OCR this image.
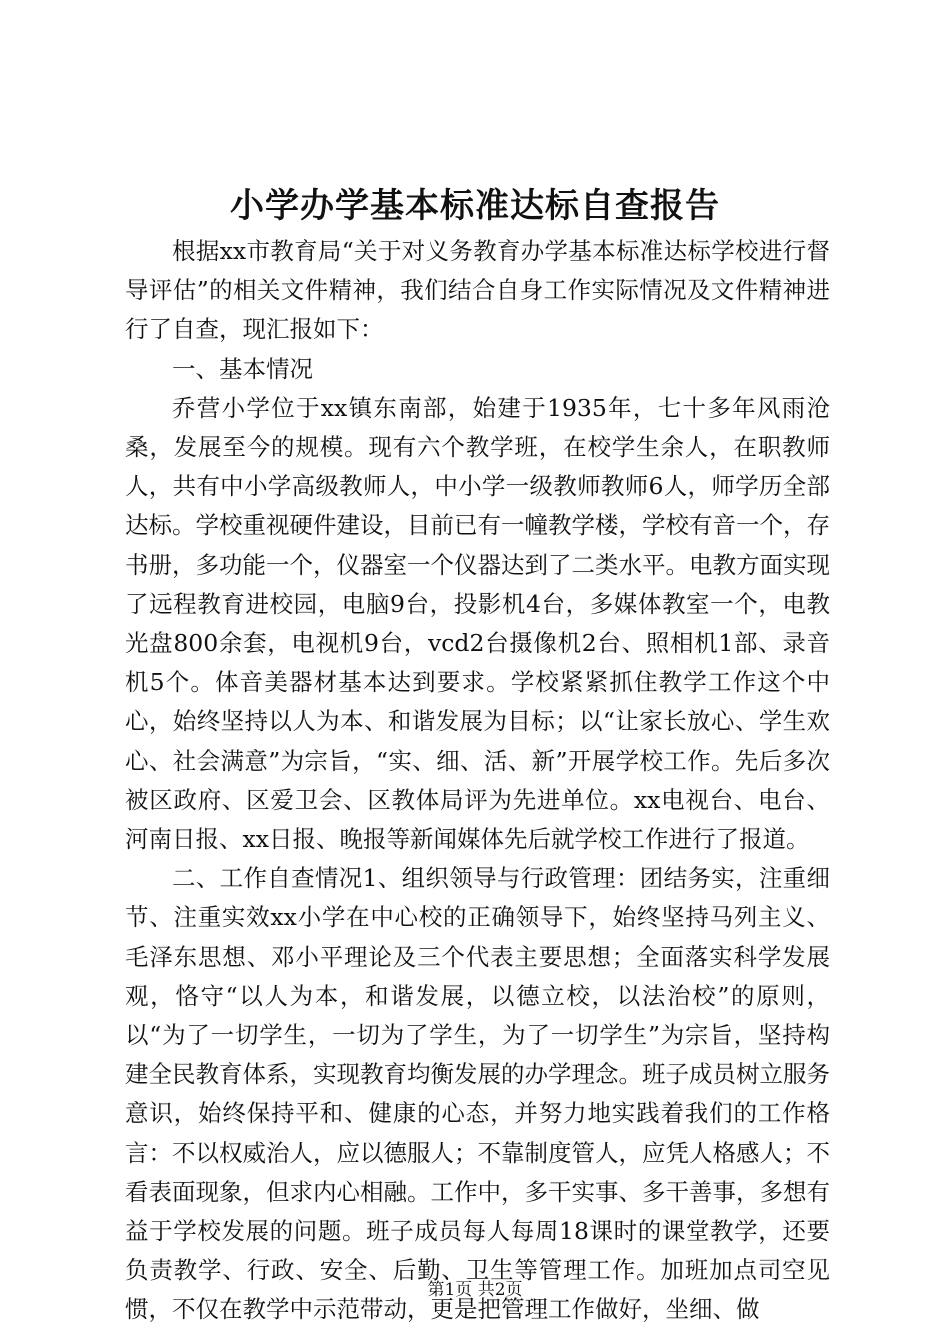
小学办学基本标准达标自查报告

根据xx市教育局“关于对义务教育办学基本标准达标学校进行督导评估”的相关文件精神，我们结合自身工作实际情况及文件精神进行了自查，现汇报如下：

一、基本情况

乔营小学位于xx镇东南部，始建于1935年，七十多年风雨沧桑，发展至今的规模。现有六个教学班，在校学生余人，在职教师人，共有中小学高级教师人，中小学一级教师教师6人，师学历全部达标。学校重视硬件建设，目前已有一幢教学楼，学校有音一个，存书册，多功能一个，仪器室一个仪器达到了二类水平。电教方面实现了远程教育进校园，电脑9台，投影机4台，多媒体教室一个，电教光盘800余套，电视机9台，vcd2台摄像机2台、照相机1部、录音机5个。体音美器材基本达到要求。学校紧紧抓住教学工作这个中心，始终坚持以人为本、和谐发展为目标；以“让家长放心、学生欢心、社会满意”为宗旨，“实、细、活、新”开展学校工作。先后多次被区政府、区爱卫会、区教体局评为先进单位。xx电视台、电台、河南日报、xx日报、晚报等新闻媒体先后就学校工作进行了报道。

二、工作自查情况1、组织领导与行政管理：团结务实，注重细节、注重实效xx小学在中心校的正确领导下，始终坚持马列主义、毛泽东思想、邓小平理论及三个代表主要思想；全面落实科学发展观，恪守“以人为本，和谐发展，以德立校，以法治校”的原则，以“为了一切学生，一切为了学生，为了一切学生”为宗旨，坚持构建全民教育体系，实现教育均衡发展的办学理念。班子成员树立服务意识，始终保持平和、健康的心态，并努力地实践着我们的工作格言：不以权威治人，应以德服人；不靠制度管人，应凭人格感人；不看表面现象，但求内心相融。工作中，多干实事、多干善事，多想有益于学校发展的问题。班子成员每人每周18课时的课堂教学，还要负责教学、行政、安全、后勤、卫生等管理工作。加班加点司空见惯，不仅在教学中示范带动，更是把管理工作做好，坐细、做

第1页 共2页
